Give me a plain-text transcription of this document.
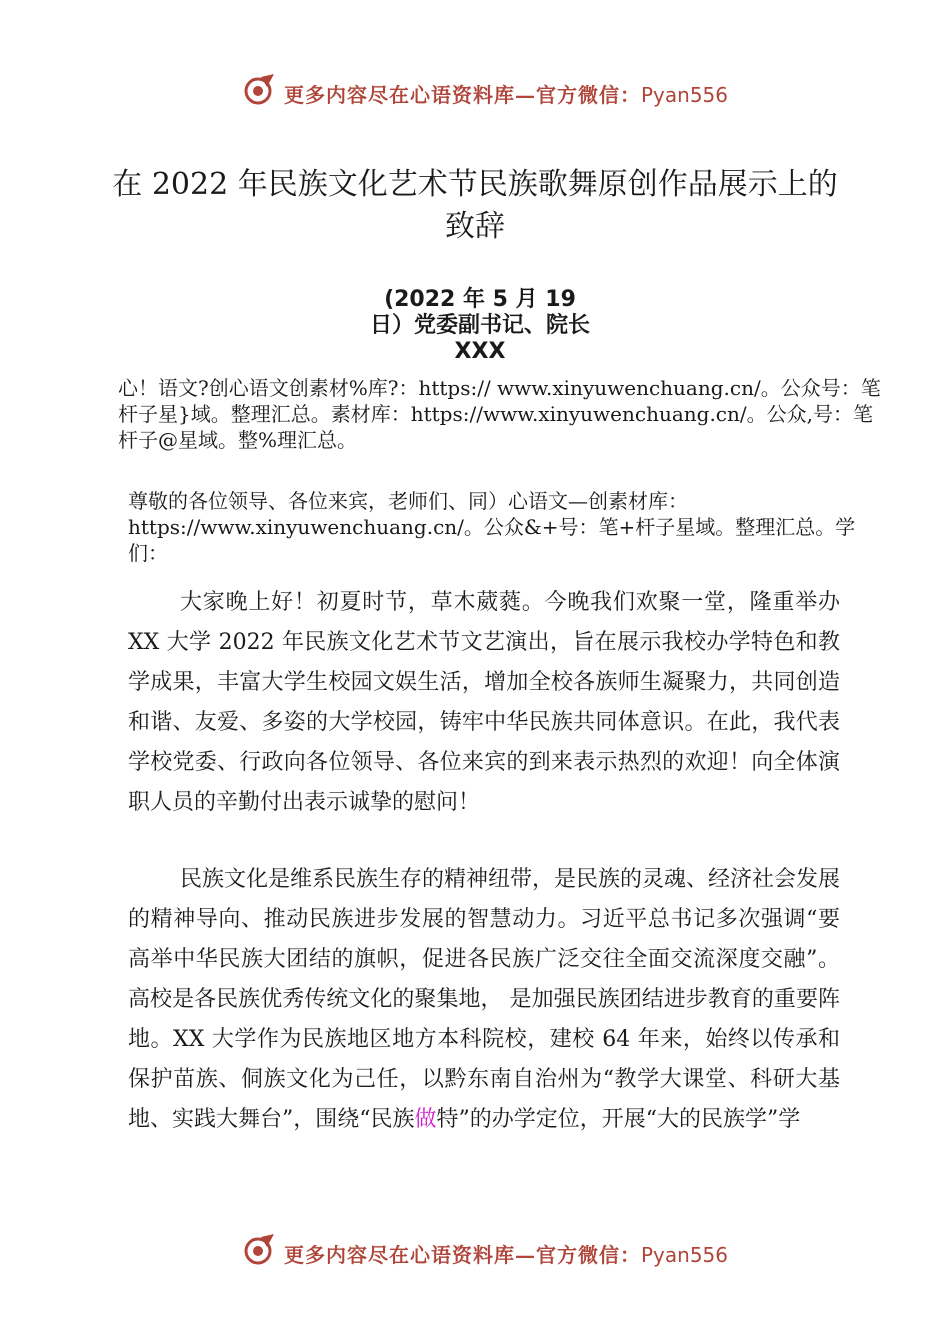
更多内容尽在心语资料库—官方微信：Pyan556
在 2022 年民族文化艺术节民族歌舞原创作品展示上的致辞
(2022 年 5 月 19
日）党委副书记、院长
XXX

心！语文?创心语文创素材%库?：https:// www.xinyuwenchuang.cn/。公众号：笔杆子星}域。整理汇总。素材库：https://www.xinyuwenchuang.cn/。公众,号：笔杆子@星域。整%理汇总。

尊敬的各位领导、各位来宾，老师们、同）心语文—创素材库：https://www.xinyuwenchuang.cn/。公众&+号：笔+杆子星域。整理汇总。学们：

大家晚上好！初夏时节，草木葳蕤。今晚我们欢聚一堂，隆重举办 XX 大学 2022 年民族文化艺术节文艺演出，旨在展示我校办学特色和教学成果，丰富大学生校园文娱生活，增加全校各族师生凝聚力，共同创造和谐、友爱、多姿的大学校园，铸牢中华民族共同体意识。在此，我代表学校党委、行政向各位领导、各位来宾的到来表示热烈的欢迎！向全体演职人员的辛勤付出表示诚挚的慰问！

民族文化是维系民族生存的精神纽带，是民族的灵魂、经济社会发展的精神导向、推动民族进步发展的智慧动力。习近平总书记多次强调“要高举中华民族大团结的旗帜，促进各民族广泛交往全面交流深度交融”。高校是各民族优秀传统文化的聚集地， 是加强民族团结进步教育的重要阵地。XX 大学作为民族地区地方本科院校，建校 64 年来，始终以传承和保护苗族、侗族文化为己任，以黔东南自治州为“教学大课堂、科研大基地、实践大舞台”，围绕“民族做特”的办学定位，开展“大的民族学”学

更多内容尽在心语资料库—官方微信：Pyan556
